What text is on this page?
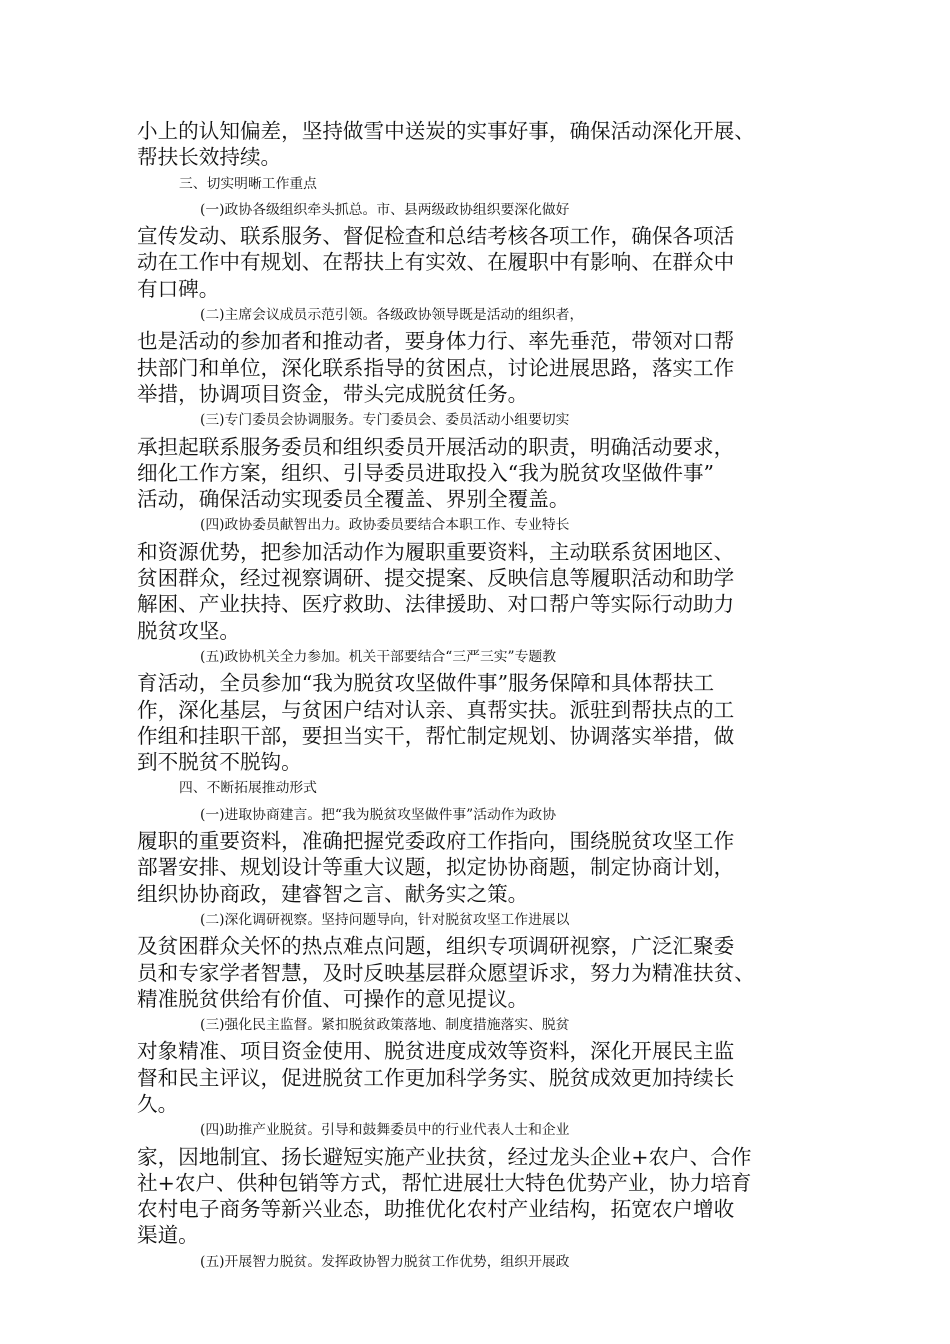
小上的认知偏差，坚持做雪中送炭的实事好事，确保活动深化开展、
帮扶长效持续。
三、切实明晰工作重点
(一)政协各级组织牵头抓总。市、县两级政协组织要深化做好
宣传发动、联系服务、督促检查和总结考核各项工作，确保各项活
动在工作中有规划、在帮扶上有实效、在履职中有影响、在群众中
有口碑。
(二)主席会议成员示范引领。各级政协领导既是活动的组织者，
也是活动的参加者和推动者，要身体力行、率先垂范，带领对口帮
扶部门和单位，深化联系指导的贫困点，讨论进展思路，落实工作
举措，协调项目资金，带头完成脱贫任务。
(三)专门委员会协调服务。专门委员会、委员活动小组要切实
承担起联系服务委员和组织委员开展活动的职责，明确活动要求，
细化工作方案，组织、引导委员进取投入“我为脱贫攻坚做件事”
活动，确保活动实现委员全覆盖、界别全覆盖。
(四)政协委员献智出力。政协委员要结合本职工作、专业特长
和资源优势，把参加活动作为履职重要资料，主动联系贫困地区、
贫困群众，经过视察调研、提交提案、反映信息等履职活动和助学
解困、产业扶持、医疗救助、法律援助、对口帮户等实际行动助力
脱贫攻坚。
(五)政协机关全力参加。机关干部要结合“三严三实”专题教
育活动，全员参加“我为脱贫攻坚做件事”服务保障和具体帮扶工
作，深化基层，与贫困户结对认亲、真帮实扶。派驻到帮扶点的工
作组和挂职干部，要担当实干，帮忙制定规划、协调落实举措，做
到不脱贫不脱钩。
四、不断拓展推动形式
(一)进取协商建言。把“我为脱贫攻坚做件事”活动作为政协
履职的重要资料，准确把握党委政府工作指向，围绕脱贫攻坚工作
部署安排、规划设计等重大议题，拟定协协商题，制定协商计划，
组织协协商政，建睿智之言、献务实之策。
(二)深化调研视察。坚持问题导向，针对脱贫攻坚工作进展以
及贫困群众关怀的热点难点问题，组织专项调研视察，广泛汇聚委
员和专家学者智慧，及时反映基层群众愿望诉求，努力为精准扶贫、
精准脱贫供给有价值、可操作的意见提议。
(三)强化民主监督。紧扣脱贫政策落地、制度措施落实、脱贫
对象精准、项目资金使用、脱贫进度成效等资料，深化开展民主监
督和民主评议，促进脱贫工作更加科学务实、脱贫成效更加持续长
久。
(四)助推产业脱贫。引导和鼓舞委员中的行业代表人士和企业
家，因地制宜、扬长避短实施产业扶贫，经过龙头企业+农户、合作
社+农户、供种包销等方式，帮忙进展壮大特色优势产业，协力培育
农村电子商务等新兴业态，助推优化农村产业结构，拓宽农户增收
渠道。
(五)开展智力脱贫。发挥政协智力脱贫工作优势，组织开展政
